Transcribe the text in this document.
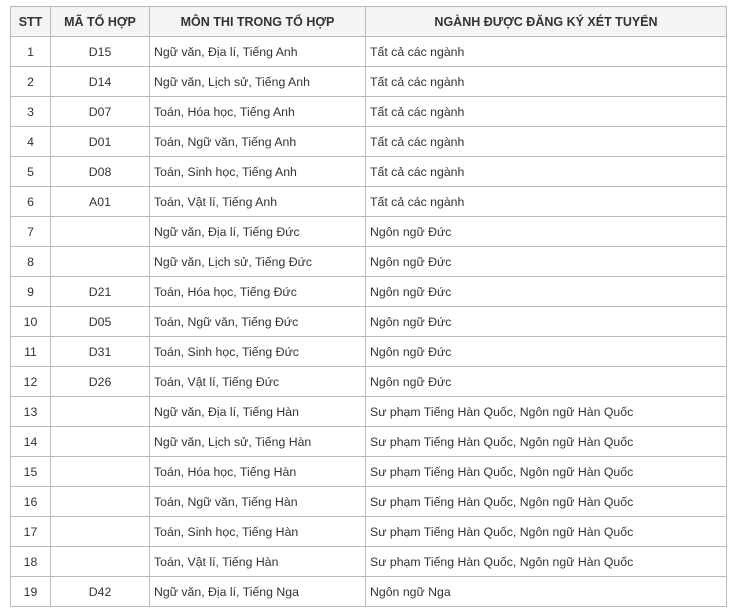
STT	MÃ TỔ HỢP	MÔN THI TRONG TỔ HỢP	NGÀNH ĐƯỢC ĐĂNG KÝ XÉT TUYỂN
1	D15	Ngữ văn, Địa lí, Tiếng Anh	Tất cả các ngành
2	D14	Ngữ văn, Lịch sử, Tiếng Anh	Tất cả các ngành
3	D07	Toán, Hóa học, Tiếng Anh	Tất cả các ngành
4	D01	Toán, Ngữ văn, Tiếng Anh	Tất cả các ngành
5	D08	Toán, Sinh học, Tiếng Anh	Tất cả các ngành
6	A01	Toán, Vật lí, Tiếng Anh	Tất cả các ngành
7		Ngữ văn, Địa lí, Tiếng Đức	Ngôn ngữ Đức
8		Ngữ văn, Lịch sử, Tiếng Đức	Ngôn ngữ Đức
9	D21	Toán, Hóa học, Tiếng Đức	Ngôn ngữ Đức
10	D05	Toán, Ngữ văn, Tiếng Đức	Ngôn ngữ Đức
11	D31	Toán, Sinh học, Tiếng Đức	Ngôn ngữ Đức
12	D26	Toán, Vật lí, Tiếng Đức	Ngôn ngữ Đức
13		Ngữ văn, Địa lí, Tiếng Hàn	Sư phạm Tiếng Hàn Quốc, Ngôn ngữ Hàn Quốc
14		Ngữ văn, Lịch sử, Tiếng Hàn	Sư phạm Tiếng Hàn Quốc, Ngôn ngữ Hàn Quốc
15		Toán, Hóa học, Tiếng Hàn	Sư phạm Tiếng Hàn Quốc, Ngôn ngữ Hàn Quốc
16		Toán, Ngữ văn, Tiếng Hàn	Sư phạm Tiếng Hàn Quốc, Ngôn ngữ Hàn Quốc
17		Toán, Sinh học, Tiếng Hàn	Sư phạm Tiếng Hàn Quốc, Ngôn ngữ Hàn Quốc
18		Toán, Vật lí, Tiếng Hàn	Sư phạm Tiếng Hàn Quốc, Ngôn ngữ Hàn Quốc
19	D42	Ngữ văn, Địa lí, Tiếng Nga	Ngôn ngữ Nga
